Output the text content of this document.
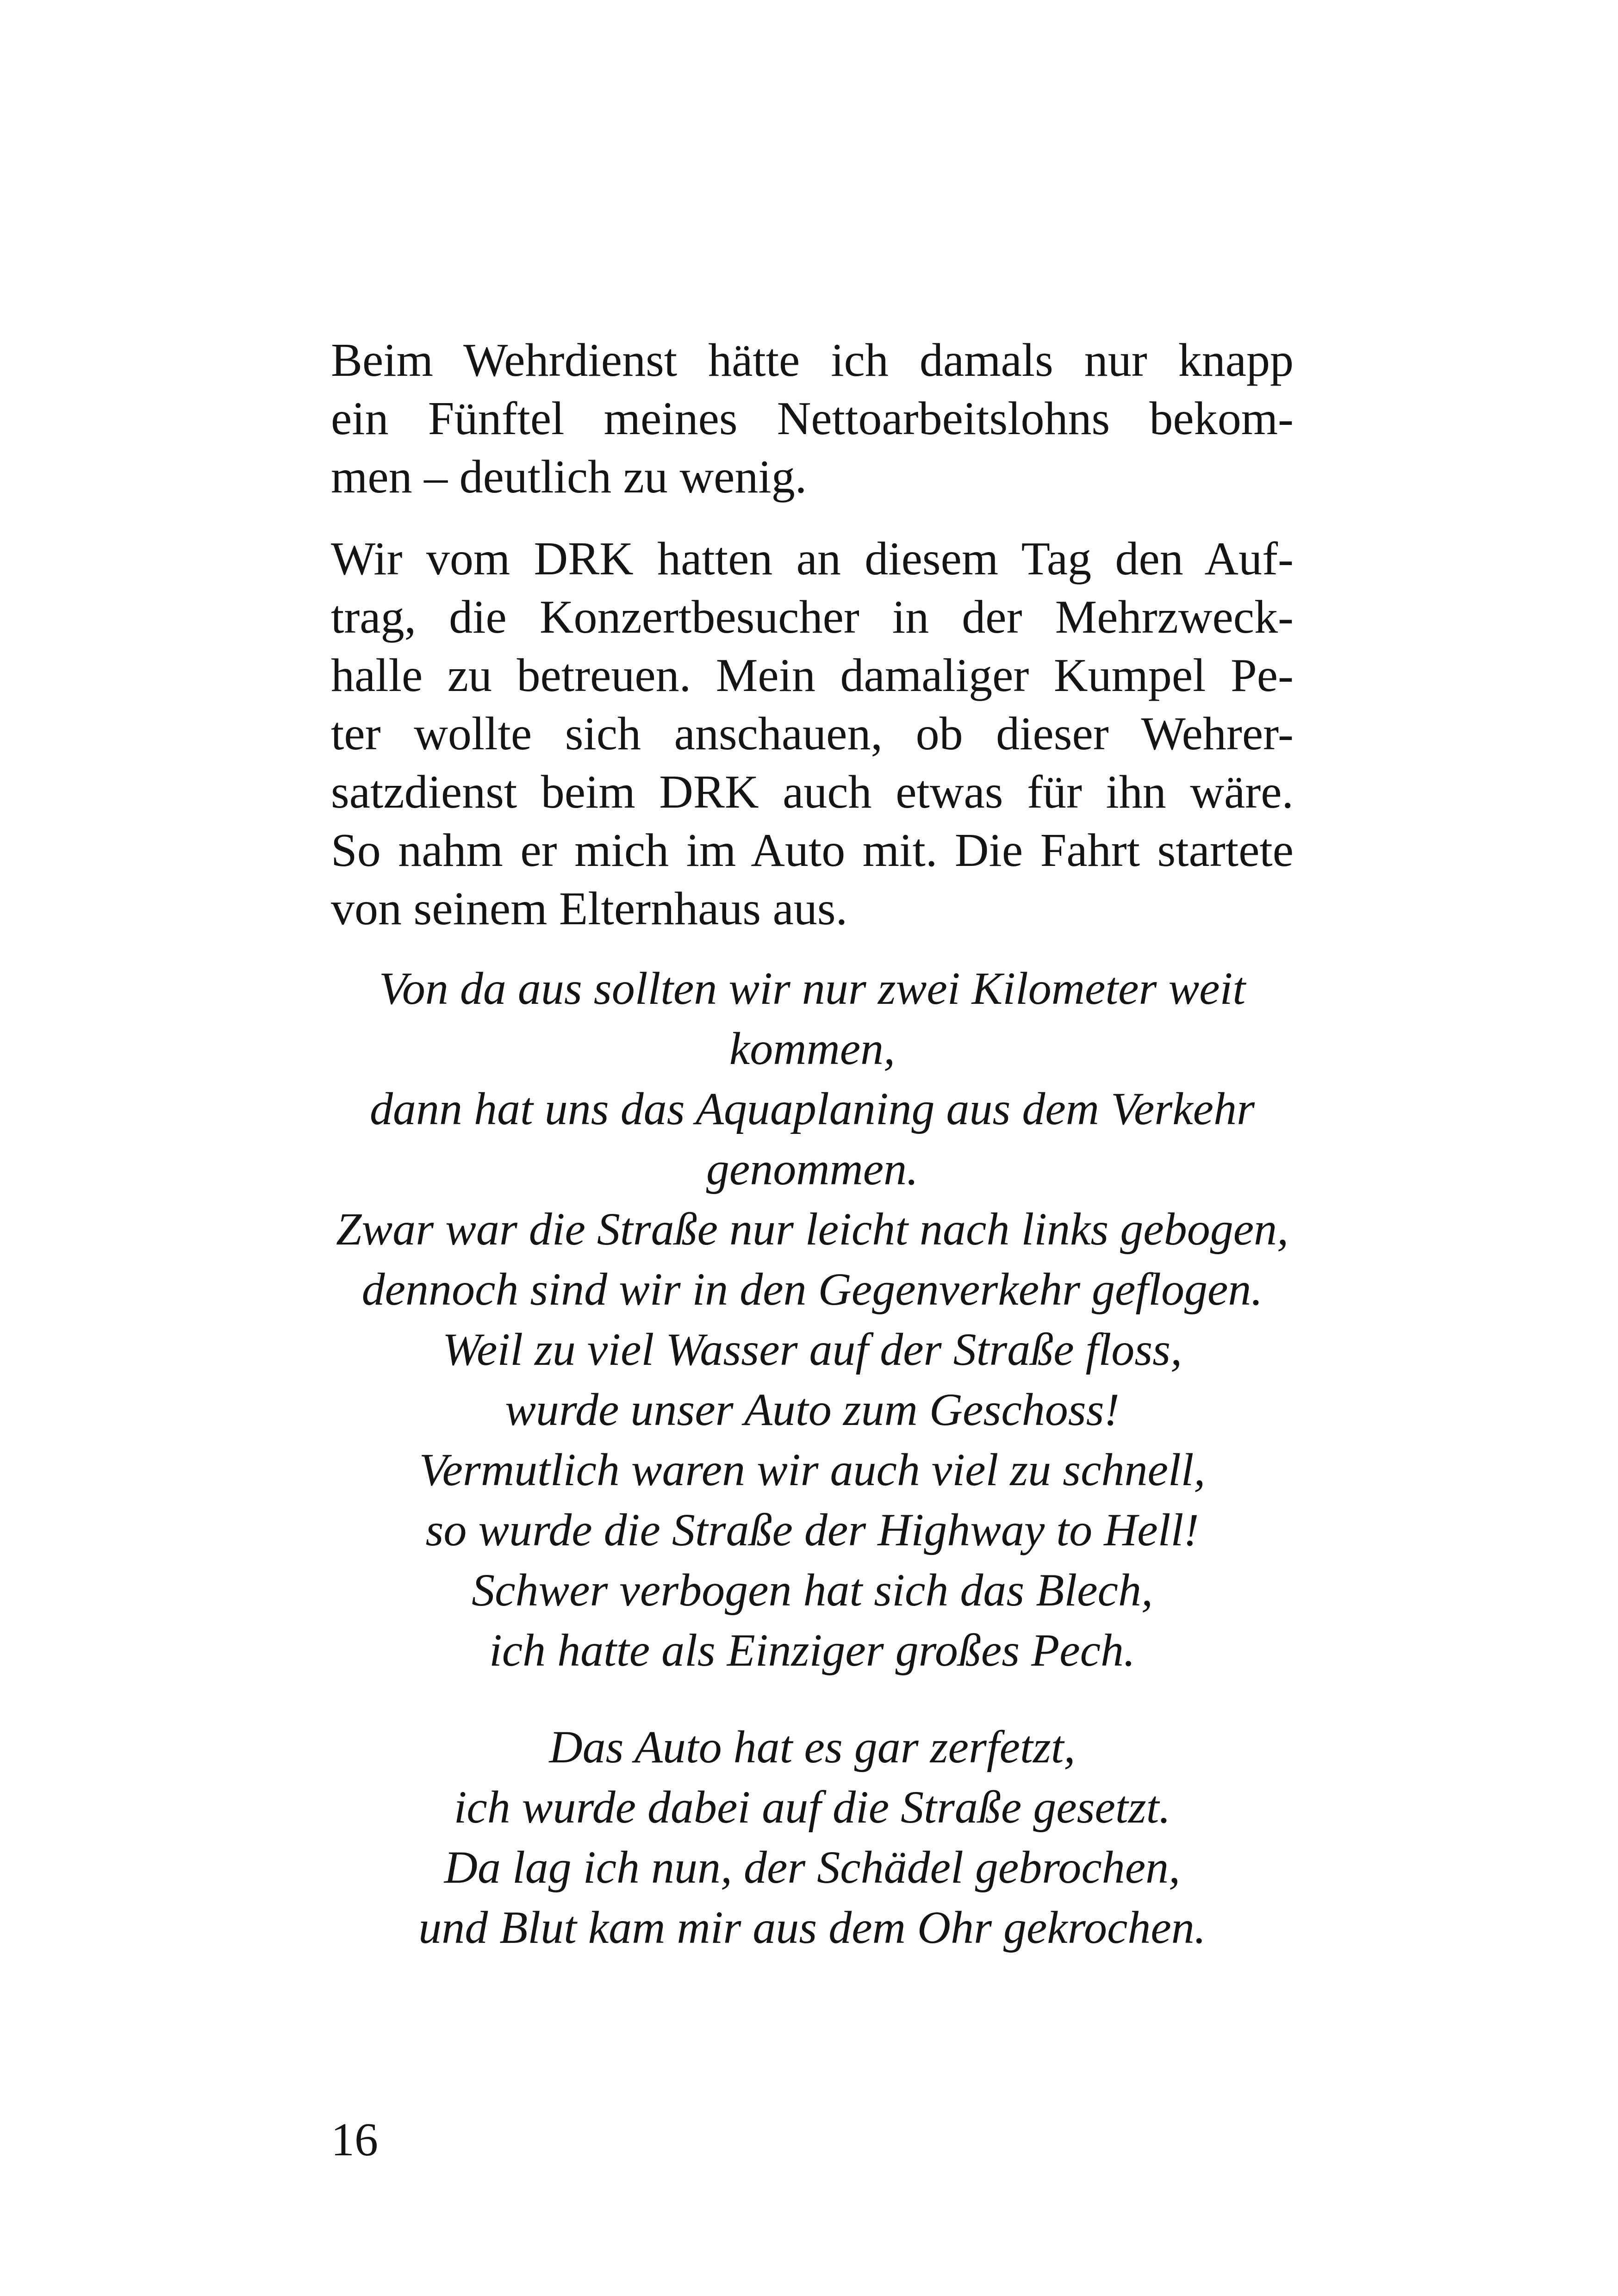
Beim Wehrdienst hätte ich damals nur knapp
ein Fünftel meines Nettoarbeitslohns bekom-
men – deutlich zu wenig.
Wir vom DRK hatten an diesem Tag den Auf-
trag, die Konzertbesucher in der Mehrzweck-
halle zu betreuen. Mein damaliger Kumpel Pe-
ter wollte sich anschauen, ob dieser Wehrer-
satzdienst beim DRK auch etwas für ihn wäre.
So nahm er mich im Auto mit. Die Fahrt startete
von seinem Elternhaus aus.
Von da aus sollten wir nur zwei Kilometer weit
kommen,
dann hat uns das Aquaplaning aus dem Verkehr
genommen.
Zwar war die Straße nur leicht nach links gebogen,
dennoch sind wir in den Gegenverkehr geflogen.
Weil zu viel Wasser auf der Straße floss,
wurde unser Auto zum Geschoss!
Vermutlich waren wir auch viel zu schnell,
so wurde die Straße der Highway to Hell!
Schwer verbogen hat sich das Blech,
ich hatte als Einziger großes Pech.
Das Auto hat es gar zerfetzt,
ich wurde dabei auf die Straße gesetzt.
Da lag ich nun, der Schädel gebrochen,
und Blut kam mir aus dem Ohr gekrochen.
16
